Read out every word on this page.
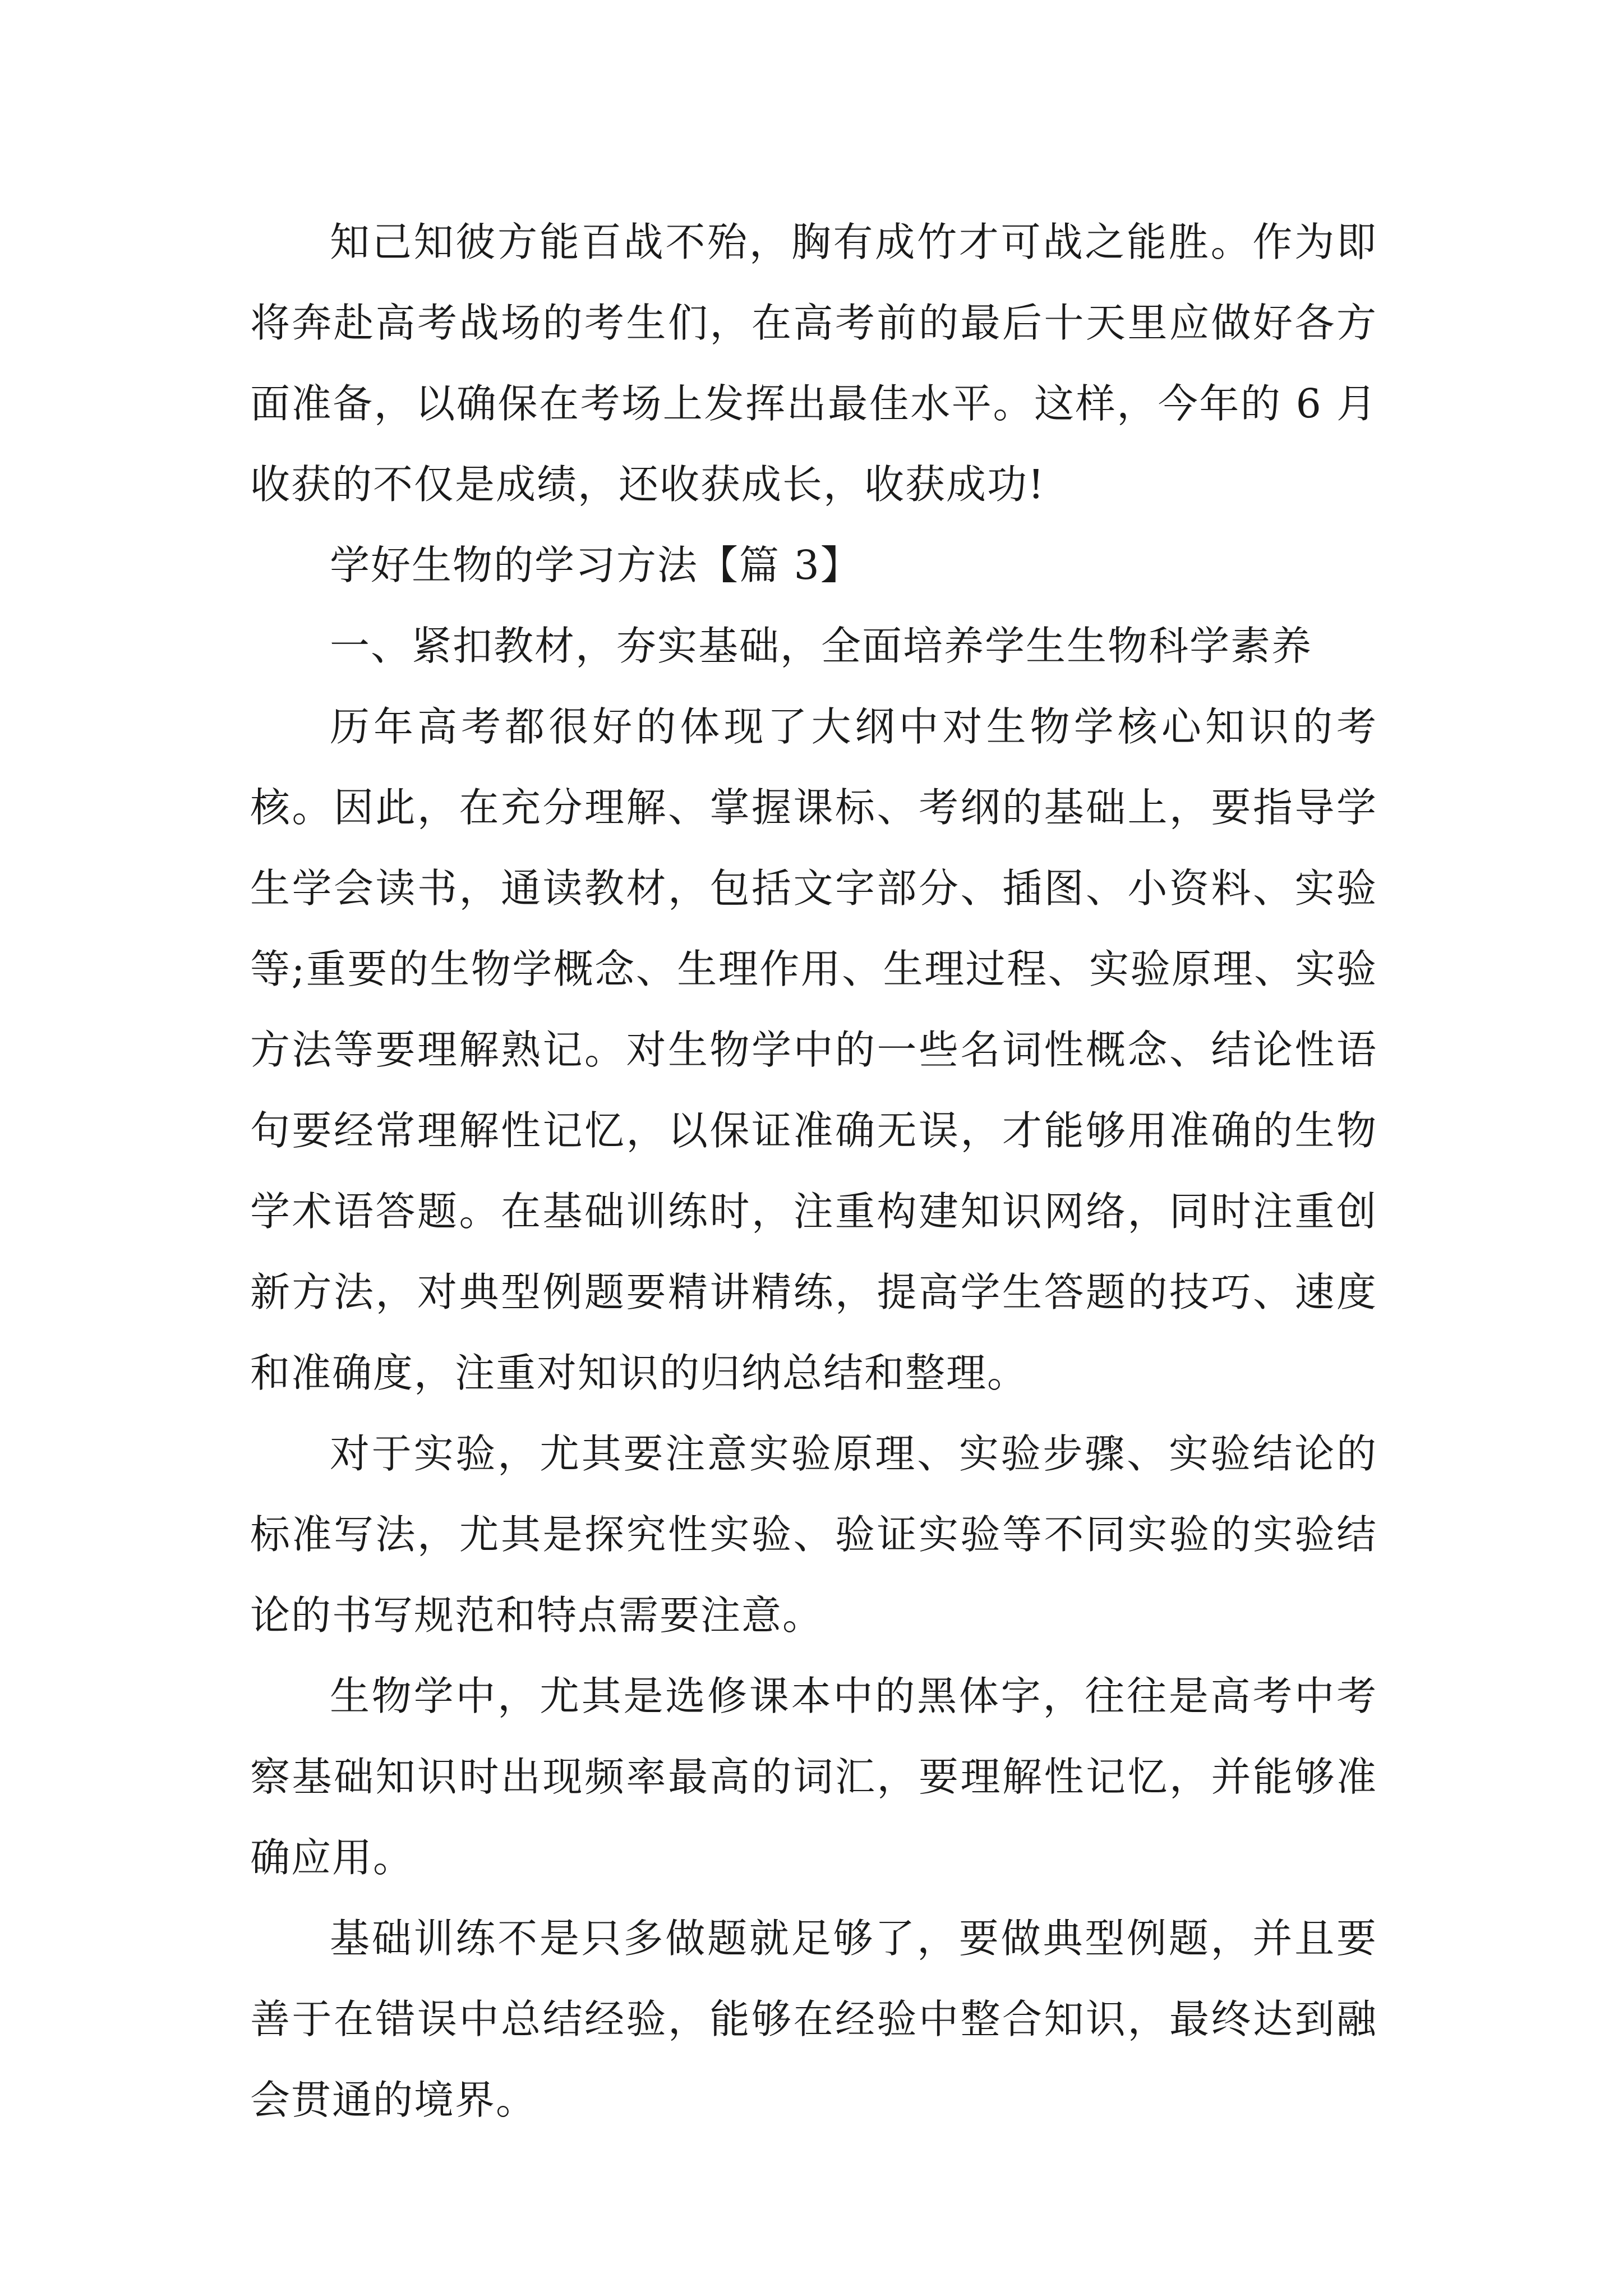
知己知彼方能百战不殆，胸有成竹才可战之能胜。作为即将奔赴高考战场的考生们，在高考前的最后十天里应做好各方面准备，以确保在考场上发挥出最佳水平。这样，今年的 6 月收获的不仅是成绩，还收获成长，收获成功!

学好生物的学习方法【篇 3】

一、紧扣教材，夯实基础，全面培养学生生物科学素养

历年高考都很好的体现了大纲中对生物学核心知识的考核。因此，在充分理解、掌握课标、考纲的基础上，要指导学生学会读书，通读教材，包括文字部分、插图、小资料、实验等;重要的生物学概念、生理作用、生理过程、实验原理、实验方法等要理解熟记。对生物学中的一些名词性概念、结论性语句要经常理解性记忆，以保证准确无误，才能够用准确的生物学术语答题。在基础训练时，注重构建知识网络，同时注重创新方法，对典型例题要精讲精练，提高学生答题的技巧、速度和准确度，注重对知识的归纳总结和整理。

对于实验，尤其要注意实验原理、实验步骤、实验结论的标准写法，尤其是探究性实验、验证实验等不同实验的实验结论的书写规范和特点需要注意。

生物学中，尤其是选修课本中的黑体字，往往是高考中考察基础知识时出现频率最高的词汇，要理解性记忆，并能够准确应用。

基础训练不是只多做题就足够了，要做典型例题，并且要善于在错误中总结经验，能够在经验中整合知识，最终达到融会贯通的境界。
